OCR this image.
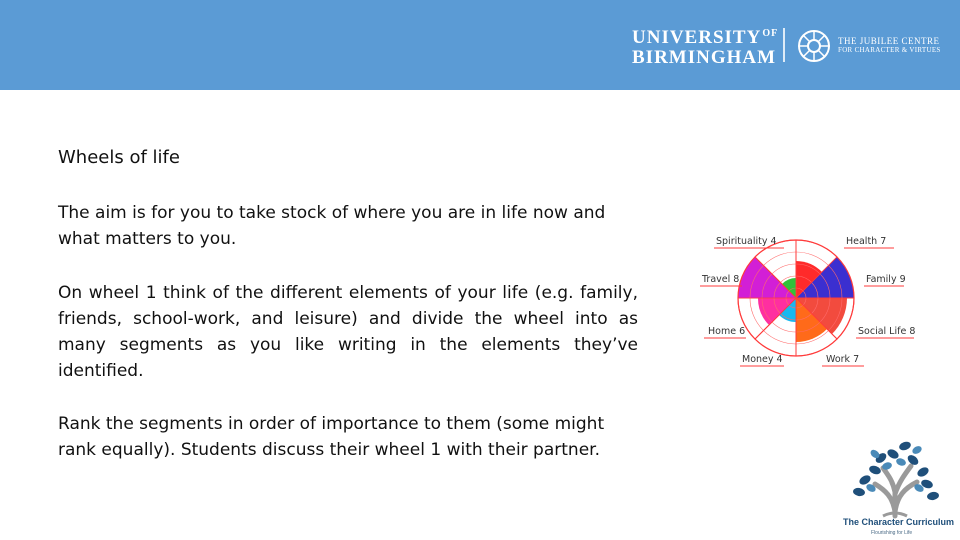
$UNIVERSITY^{OF}$
BIRMINGHAM
THE JUBILEE CENTRE
FOR CHARACTER & VIRTUES
Wheels of life
The aim is for you to take stock of where you are in life now and what matters to you.
On wheel 1 think of the different elements of your life (e.g. family, friends, school-work, and leisure) and divide the wheel into as many segments as you like writing in the elements they’ve identified.
Rank the segments in order of importance to them (some might rank equally). Students discuss their wheel 1 with their partner.
Spirituality 4	Health 7
Travel 8	Family 9
Home 6	Social Life 8
Money 4	Work 7
The Character Curriculum
Flourishing for Life
